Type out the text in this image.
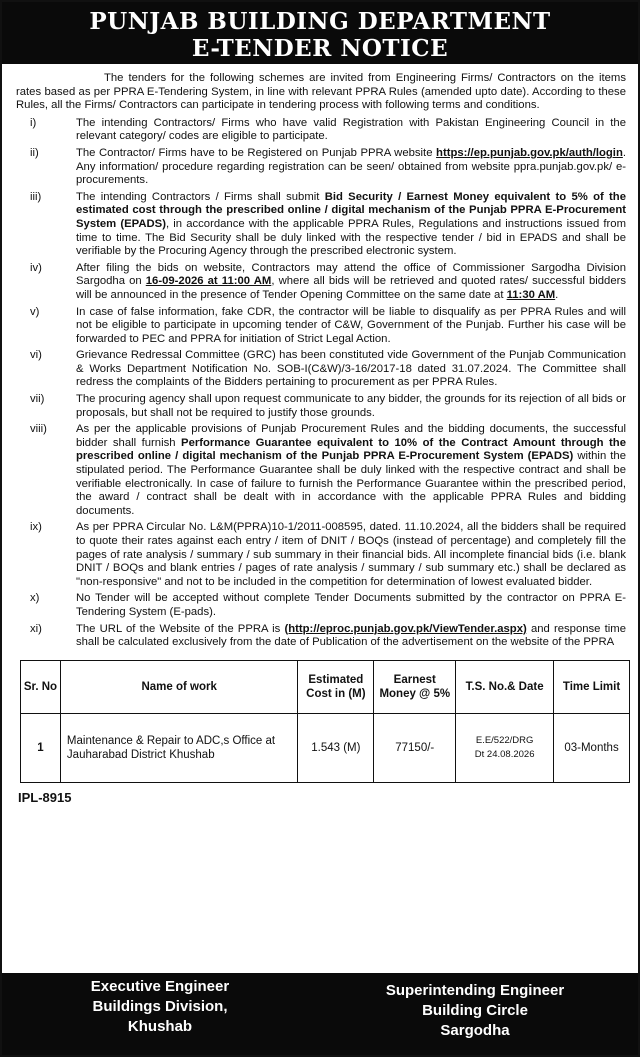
PUNJAB BUILDING DEPARTMENT
E-TENDER NOTICE

The tenders for the following schemes are invited from Engineering Firms/ Contractors on the items rates based as per PPRA E-Tendering System, in line with relevant PPRA Rules (amended upto date). According to these Rules, all the Firms/ Contractors can participate in tendering process with following terms and conditions.

i)	The intending Contractors/ Firms who have valid Registration with Pakistan Engineering Council in the relevant category/ codes are eligible to participate.
ii)	The Contractor/ Firms have to be Registered on Punjab PPRA website https://ep.punjab.gov.pk/auth/login. Any information/ procedure regarding registration can be seen/ obtained from website ppra.punjab.gov.pk/ e- procurements.
iii)	The intending Contractors / Firms shall submit Bid Security / Earnest Money equivalent to 5% of the estimated cost through the prescribed online / digital mechanism of the Punjab PPRA E-Procurement System (EPADS), in accordance with the applicable PPRA Rules, Regulations and instructions issued from time to time. The Bid Security shall be duly linked with the respective tender / bid in EPADS and shall be verifiable by the Procuring Agency through the prescribed electronic system.
iv)	After filing the bids on website, Contractors may attend the office of Commissioner Sargodha Division Sargodha on 16-09-2026 at 11:00 AM, where all bids will be retrieved and quoted rates/ successful bidders will be announced in the presence of Tender Opening Committee on the same date at 11:30 AM.
v)	In case of false information, fake CDR, the contractor will be liable to disqualify as per PPRA Rules and will not be eligible to participate in upcoming tender of C&W, Government of the Punjab. Further his case will be forwarded to PEC and PPRA for initiation of Strict Legal Action.
vi)	Grievance Redressal Committee (GRC) has been constituted vide Government of the Punjab Communication & Works Department Notification No. SOB-I(C&W)/3-16/2017-18 dated 31.07.2024. The Committee shall redress the complaints of the Bidders pertaining to procurement as per PPRA Rules.
vii)	The procuring agency shall upon request communicate to any bidder, the grounds for its rejection of all bids or proposals, but shall not be required to justify those grounds.
viii)	As per the applicable provisions of Punjab Procurement Rules and the bidding documents, the successful bidder shall furnish Performance Guarantee equivalent to 10% of the Contract Amount through the prescribed online / digital mechanism of the Punjab PPRA E-Procurement System (EPADS) within the stipulated period. The Performance Guarantee shall be duly linked with the respective contract and shall be verifiable electronically. In case of failure to furnish the Performance Guarantee within the prescribed period, the award / contract shall be dealt with in accordance with the applicable PPRA Rules and bidding documents.
ix)	As per PPRA Circular No. L&M(PPRA)10-1/2011-008595, dated. 11.10.2024, all the bidders shall be required to quote their rates against each entry / item of DNIT / BOQs (instead of percentage) and completely fill the pages of rate analysis / summary / sub summary in their financial bids. All incomplete financial bids (i.e. blank DNIT / BOQs and blank entries / pages of rate analysis / summary / sub summary etc.) shall be declared as "non-responsive" and not to be included in the competition for determination of lowest evaluated bidder.
x)	No Tender will be accepted without complete Tender Documents submitted by the contractor on PPRA E- Tendering System (E-pads).
xi)	The URL of the Website of the PPRA is (http://eproc.punjab.gov.pk/ViewTender.aspx) and response time shall be calculated exclusively from the date of Publication of the advertisement on the website of the PPRA
Sr. No	Name of work	Estimated Cost in (M)	Earnest Money @ 5%	T.S. No.& Date	Time Limit
1	Maintenance & Repair to ADC,s Office at Jauharabad District Khushab	1.543 (M)	77150/-	E.E/522/DRG
Dt 24.08.2026	03-Months
IPL-8915
Executive Engineer
Buildings Division,
Khushab
Superintending Engineer
Building Circle
Sargodha
